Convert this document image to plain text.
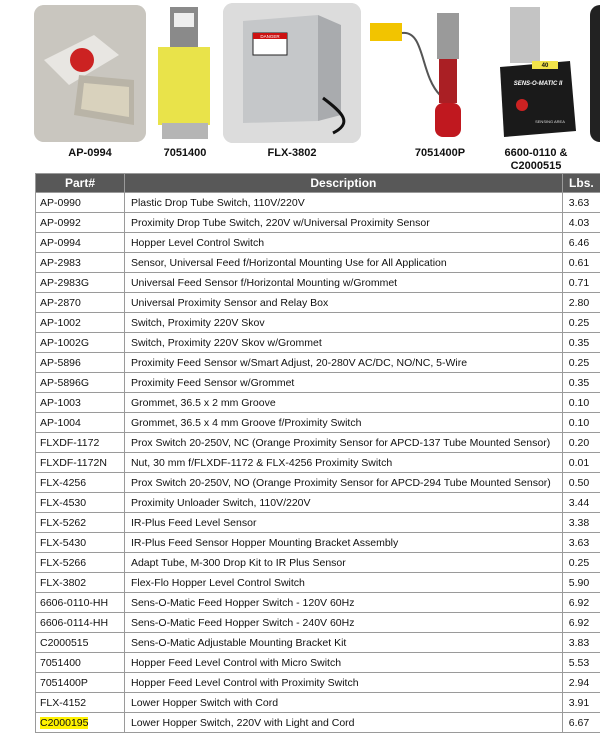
DANGER
40
SENS-O-MATIC II
SENSING AREA
AP-0994	7051400	FLX-3802	7051400P	6600-0110 &
C2000515
Part#	Description	Lbs.
AP-0990	Plastic Drop Tube Switch, 110V/220V	3.63
AP-0992	Proximity Drop Tube Switch, 220V w/Universal Proximity Sensor	4.03
AP-0994	Hopper Level Control Switch	6.46
AP-2983	Sensor, Universal Feed f/Horizontal Mounting Use for All Application	0.61
AP-2983G	Universal Feed Sensor f/Horizontal Mounting w/Grommet	0.71
AP-2870	Universal Proximity Sensor and Relay Box	2.80
AP-1002	Switch, Proximity 220V Skov	0.25
AP-1002G	Switch, Proximity 220V Skov w/Grommet	0.35
AP-5896	Proximity Feed Sensor w/Smart Adjust, 20-280V AC/DC, NO/NC, 5-Wire	0.25
AP-5896G	Proximity Feed Sensor w/Grommet	0.35
AP-1003	Grommet, 36.5 x 2 mm Groove	0.10
AP-1004	Grommet, 36.5 x 4 mm Groove f/Proximity Switch	0.10
FLXDF-1172	Prox Switch 20-250V, NC (Orange Proximity Sensor for APCD-137 Tube Mounted Sensor)	0.20
FLXDF-1172N	Nut, 30 mm f/FLXDF-1172 & FLX-4256 Proximity Switch	0.01
FLX-4256	Prox Switch 20-250V, NO (Orange Proximity Sensor for APCD-294 Tube Mounted Sensor)	0.50
FLX-4530	Proximity Unloader Switch, 110V/220V	3.44
FLX-5262	IR-Plus Feed Level Sensor	3.38
FLX-5430	IR-Plus Feed Sensor Hopper Mounting Bracket Assembly	3.63
FLX-5266	Adapt Tube, M-300 Drop Kit to IR Plus Sensor	0.25
FLX-3802	Flex-Flo Hopper Level Control Switch	5.90
6606-0110-HH	Sens-O-Matic Feed Hopper Switch - 120V 60Hz	6.92
6606-0114-HH	Sens-O-Matic Feed Hopper Switch - 240V 60Hz	6.92
C2000515	Sens-O-Matic Adjustable Mounting Bracket Kit	3.83
7051400	Hopper Feed Level Control with Micro Switch	5.53
7051400P	Hopper Feed Level Control with Proximity Switch	2.94
FLX-4152	Lower Hopper Switch with Cord	3.91
C2000195	Lower Hopper Switch, 220V with Light and Cord	6.67
